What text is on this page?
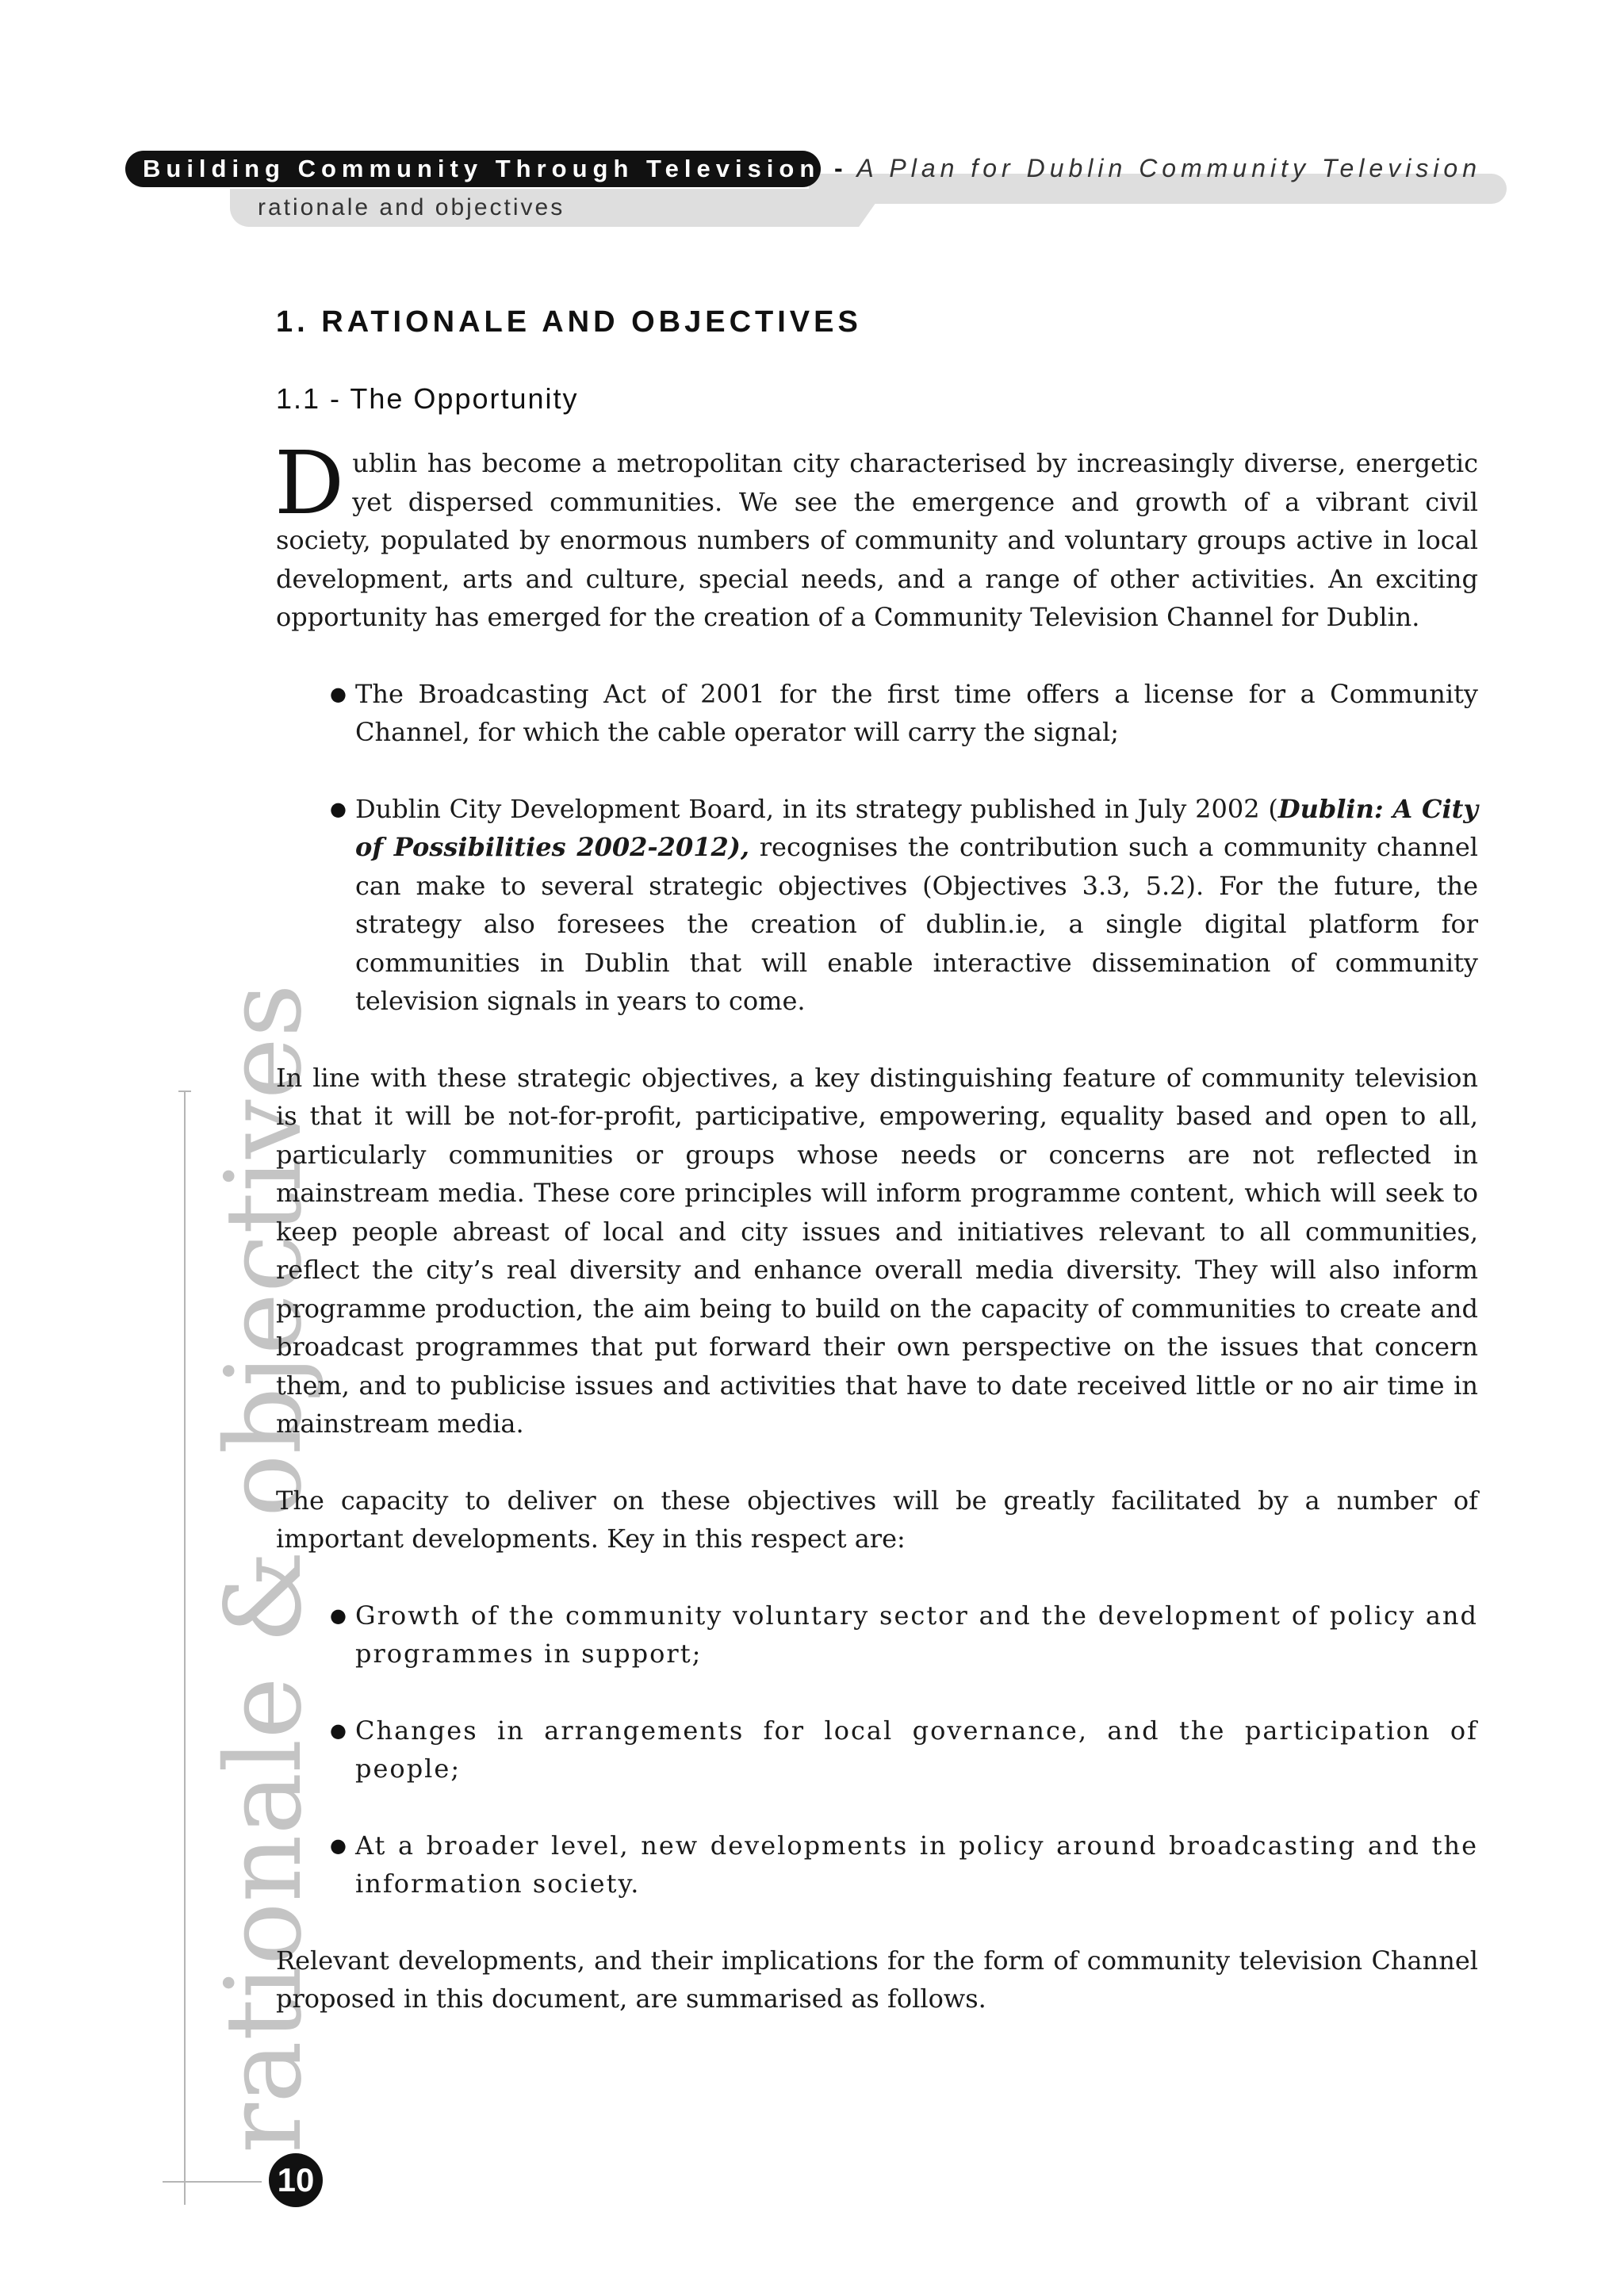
Building Community Through Television - A Plan for Dublin Community Television
rationale and objectives
rationale & objectives
10
1. RATIONALE AND OBJECTIVES
1.1 - The Opportunity

Dublin has become a metropolitan city characterised by increasingly diverse, energetic yet dispersed communities. We see the emergence and growth of a vibrant civil society, populated by enormous numbers of community and voluntary groups active in local development, arts and culture, special needs, and a range of other activities. An exciting opportunity has emerged for the creation of a Community Television Channel for Dublin.

● The Broadcasting Act of 2001 for the first time offers a license for a Community Channel, for which the cable operator will carry the signal;
● Dublin City Development Board, in its strategy published in July 2002 (Dublin: A City of Possibilities 2002-2012), recognises the contribution such a community channel can make to several strategic objectives (Objectives 3.3, 5.2). For the future, the strategy also foresees the creation of dublin.ie, a single digital platform for communities in Dublin that will enable interactive dissemination of community television signals in years to come.

In line with these strategic objectives, a key distinguishing feature of community television is that it will be not-for-profit, participative, empowering, equality based and open to all, particularly communities or groups whose needs or concerns are not reflected in mainstream media. These core principles will inform programme content, which will seek to keep people abreast of local and city issues and initiatives relevant to all communities, reflect the city’s real diversity and enhance overall media diversity. They will also inform programme production, the aim being to build on the capacity of communities to create and broadcast programmes that put forward their own perspective on the issues that concern them, and to publicise issues and activities that have to date received little or no air time in mainstream media.

The capacity to deliver on these objectives will be greatly facilitated by a number of important developments. Key in this respect are:

● Growth of the community voluntary sector and the development of policy and programmes in support;
● Changes in arrangements for local governance, and the participation of people;
● At a broader level, new developments in policy around broadcasting and the information society.

Relevant developments, and their implications for the form of community television Channel proposed in this document, are summarised as follows.
